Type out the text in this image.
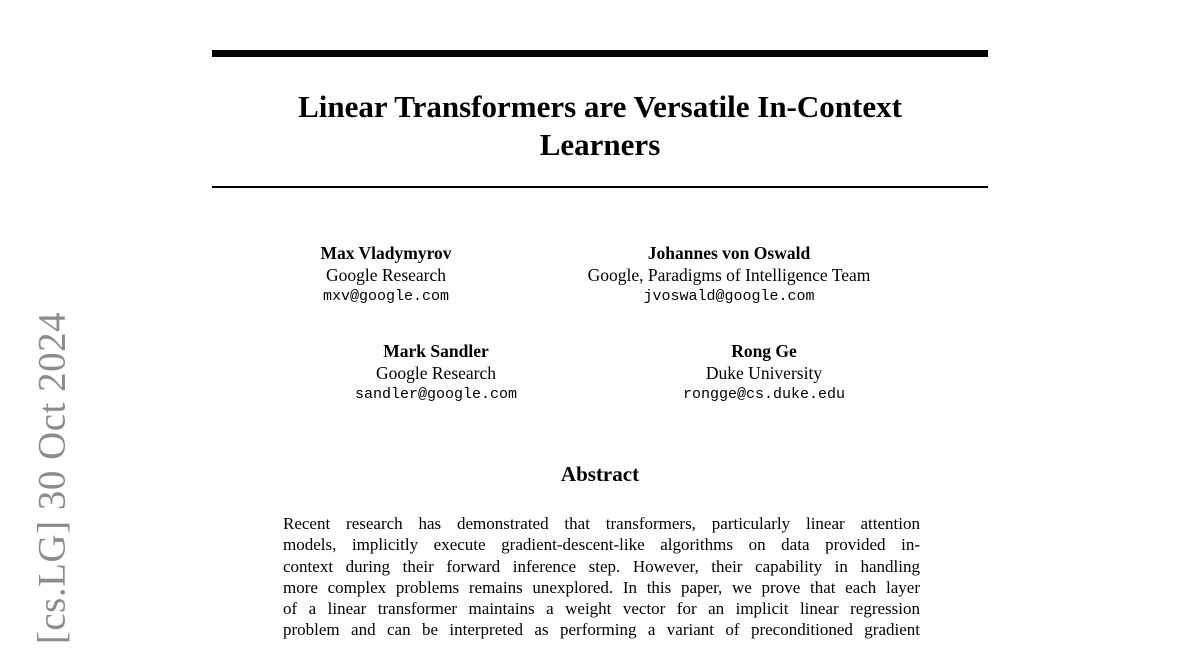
[cs.LG] 30 Oct 2024
Linear Transformers are Versatile In-Context
Learners
Max Vladymyrov
Google Research
mxv@google.com
Johannes von Oswald
Google, Paradigms of Intelligence Team
jvoswald@google.com
Mark Sandler
Google Research
sandler@google.com
Rong Ge
Duke University
rongge@cs.duke.edu
Abstract
Recent research has demonstrated that transformers, particularly linear attention
models, implicitly execute gradient-descent-like algorithms on data provided in-
context during their forward inference step. However, their capability in handling
more complex problems remains unexplored. In this paper, we prove that each layer
of a linear transformer maintains a weight vector for an implicit linear regression
problem and can be interpreted as performing a variant of preconditioned gradient
